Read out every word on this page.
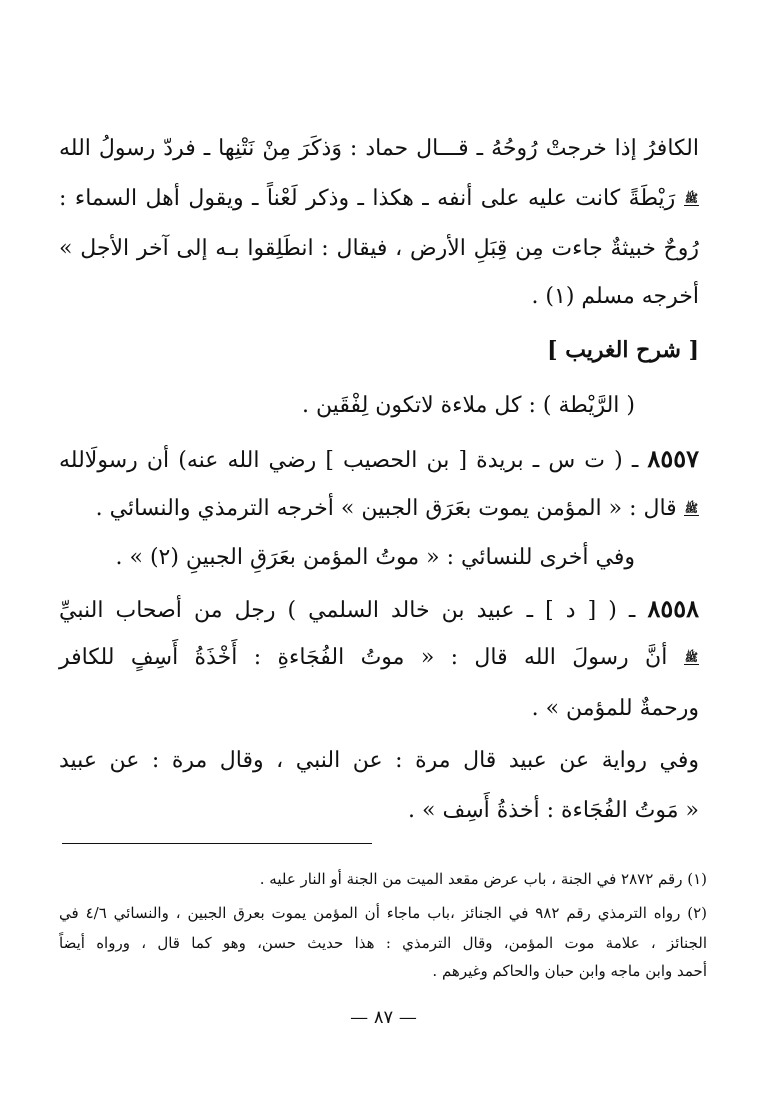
الكافرُ إذا خرجتْ رُوحُهُ ـ قـــال حماد : وَذكَرَ مِنْ نَتْنِها ـ فردّ رسولُ الله
ﷺ رَيْطَةً كانت عليه على أنفه ـ هكذا ـ وذكر لَعْناً ـ ويقول أهل السماء :
رُوحٌ خبيثةٌ جاءت مِن قِبَلِ الأرض ، فيقال : انطَلِقوا بـه إلى آخر الأجل »
أخرجه مسلم (١) .
[ شرح الغريب ]
( الرَّيْطة ) : كل ملاءة لاتكون لِفْقَين .
٨٥٥٧ ـ ( ت س ـ بريدة [ بن الحصيب ] رضي الله عنه) أن رسولَالله
ﷺ قال : « المؤمن يموت بعَرَق الجبين » أخرجه الترمذي والنسائي .
وفي أخرى للنسائي : « موتُ المؤمن بعَرَقِ الجبينِ (٢) » .
٨٥٥٨ ـ ( [ د ] ـ عبيد بن خالد السلمي ) رجل من أصحاب النبيِّ
ﷺ أنَّ رسولَ الله قال : « موتُ الفُجَاءةِ : أَخْذَةُ أَسِفٍ للكافر
ورحمةٌ للمؤمن » .
وفي رواية عن عبيد قال مرة : عن النبي ، وقال مرة : عن عبيد
« مَوتُ الفُجَاءة : أخذةُ أَسِف » .
(١) رقم ٢٨٧٢ في الجنة ، باب عرض مقعد الميت من الجنة أو النار عليه .
(٢) رواه الترمذي رقم ٩٨٢ في الجنائز ،باب ماجاء أن المؤمن يموت بعرق الجبين ، والنسائي ٤/٦ في
الجنائز ، علامة موت المؤمن، وقال الترمذي : هذا حديث حسن، وهو كما قال ، ورواه أيضاً
أحمد وابن ماجه وابن حبان والحاكم وغيرهم .
— ٨٧ —
